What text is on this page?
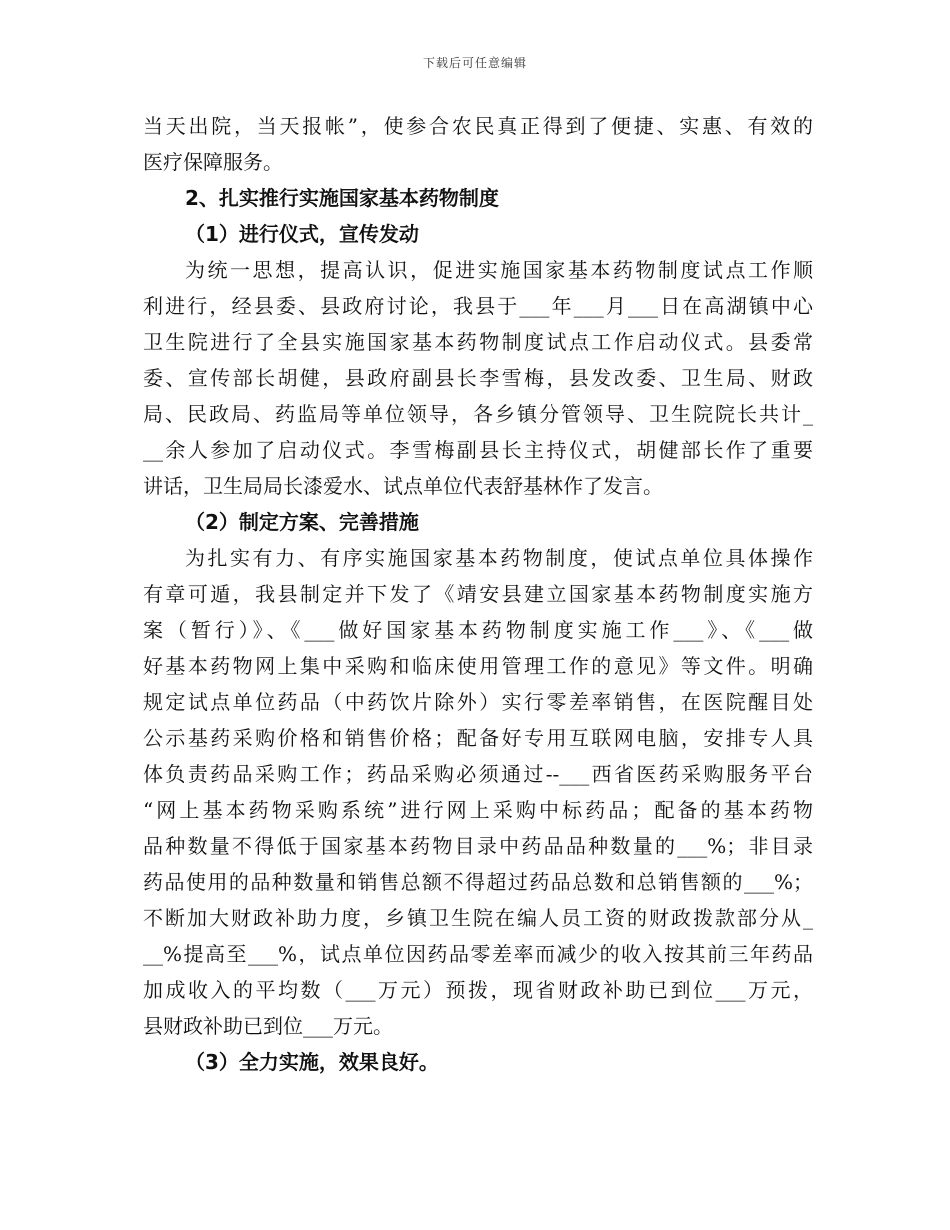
下载后可任意编辑
当天出院，当天报帐”，使参合农民真正得到了便捷、实惠、有效的
医疗保障服务。
2、扎实推行实施国家基本药物制度
（1）进行仪式，宣传发动
为统一思想，提高认识，促进实施国家基本药物制度试点工作顺
利进行，经县委、县政府讨论，我县于___年___月___日在高湖镇中心
卫生院进行了全县实施国家基本药物制度试点工作启动仪式。县委常
委、宣传部长胡健，县政府副县长李雪梅，县发改委、卫生局、财政
局、民政局、药监局等单位领导，各乡镇分管领导、卫生院院长共计_
__余人参加了启动仪式。李雪梅副县长主持仪式，胡健部长作了重要
讲话，卫生局局长漆爱水、试点单位代表舒基林作了发言。
（2）制定方案、完善措施
为扎实有力、有序实施国家基本药物制度，使试点单位具体操作
有章可遁，我县制定并下发了《靖安县建立国家基本药物制度实施方
案（暂行）》、《___做好国家基本药物制度实施工作___》、《___做
好基本药物网上集中采购和临床使用管理工作的意见》等文件。明确
规定试点单位药品（中药饮片除外）实行零差率销售，在医院醒目处
公示基药采购价格和销售价格；配备好专用互联网电脑，安排专人具
体负责药品采购工作；药品采购必须通过--___西省医药采购服务平台
“网上基本药物采购系统”进行网上采购中标药品；配备的基本药物
品种数量不得低于国家基本药物目录中药品品种数量的___%；非目录
药品使用的品种数量和销售总额不得超过药品总数和总销售额的___%；
不断加大财政补助力度，乡镇卫生院在编人员工资的财政拨款部分从_
__%提高至___%，试点单位因药品零差率而减少的收入按其前三年药品
加成收入的平均数（___万元）预拨，现省财政补助已到位___万元，
县财政补助已到位___万元。
（3）全力实施，效果良好。
